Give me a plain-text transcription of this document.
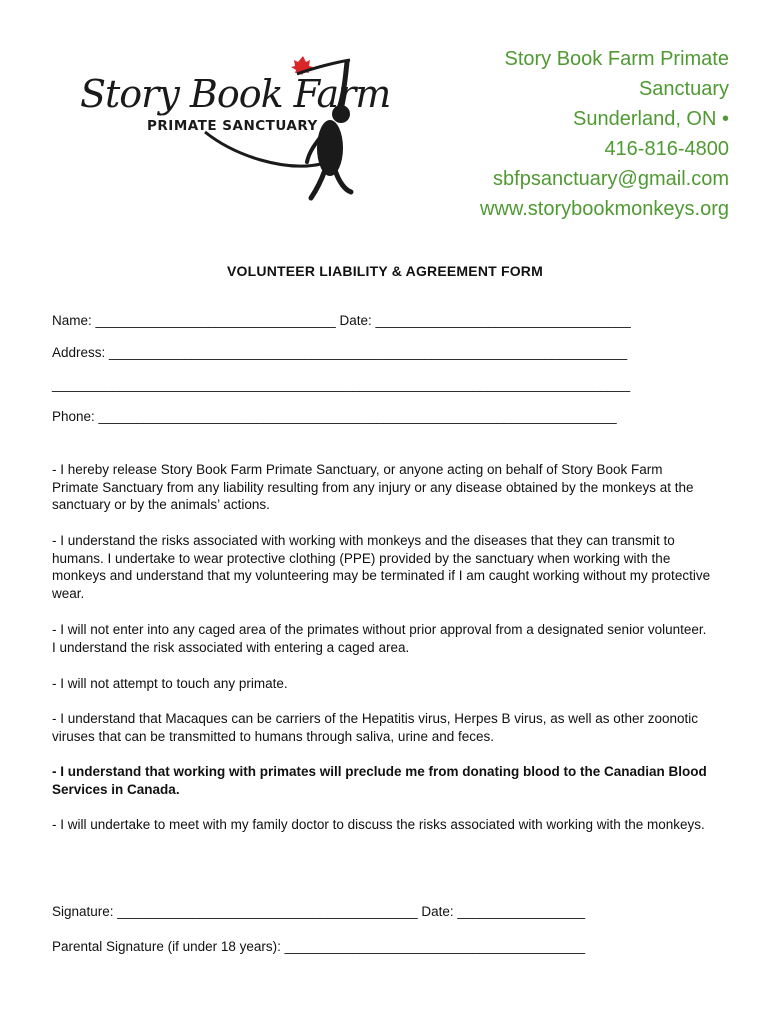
Story Book Farm
PRIMATE SANCTUARY
Story Book Farm Primate
Sanctuary
Sunderland, ON •
416-816-4800
sbfpsanctuary@gmail.com
www.storybookmonkeys.org
VOLUNTEER LIABILITY & AGREEMENT FORM
Name: ________________________________ Date: __________________________________
Address: _____________________________________________________________________
_____________________________________________________________________________
Phone: _____________________________________________________________________
- I hereby release Story Book Farm Primate Sanctuary, or anyone acting on behalf of Story Book Farm Primate Sanctuary from any liability resulting from any injury or any disease obtained by the monkeys at the sanctuary or by the animals’ actions.
- I understand the risks associated with working with monkeys and the diseases that they can transmit to humans. I undertake to wear protective clothing (PPE) provided by the sanctuary when working with the monkeys and understand that my volunteering may be terminated if I am caught working without my protective wear.
- I will not enter into any caged area of the primates without prior approval from a designated senior volunteer. I understand the risk associated with entering a caged area.
- I will not attempt to touch any primate.
- I understand that Macaques can be carriers of the Hepatitis virus, Herpes B virus, as well as other zoonotic viruses that can be transmitted to humans through saliva, urine and feces.
- I understand that working with primates will preclude me from donating blood to the Canadian Blood Services in Canada.
- I will undertake to meet with my family doctor to discuss the risks associated with working with the monkeys.
Signature: ________________________________________ Date: _________________
Parental Signature (if under 18 years): ________________________________________
